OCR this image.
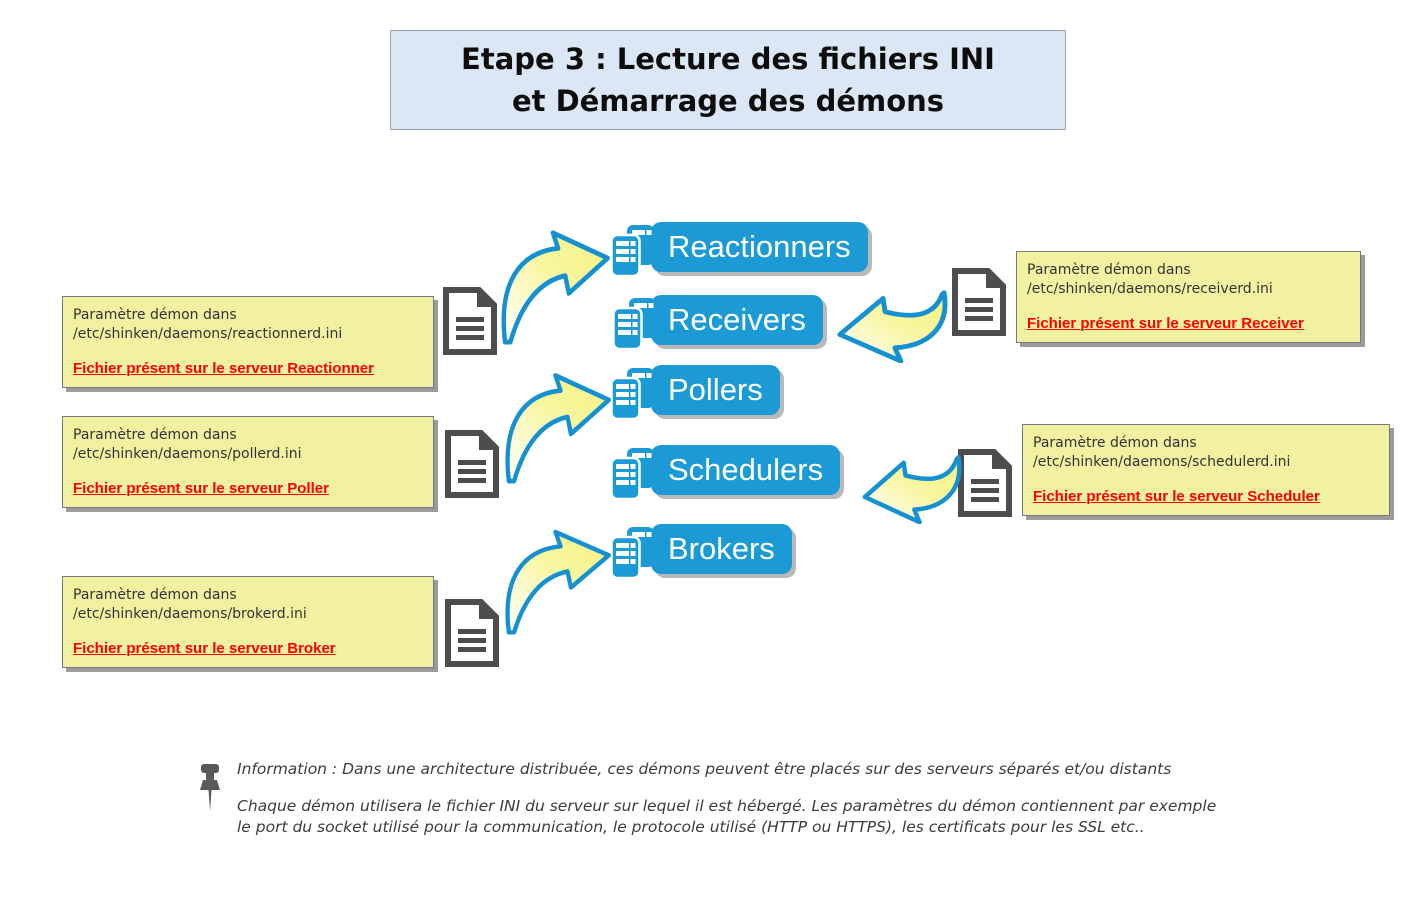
Etape 3 : Lecture des fichiers INI
et Démarrage des démons
Reactionners
Receivers
Pollers
Schedulers
Brokers
Paramètre démon dans
/etc/shinken/daemons/reactionnerd.ini
Fichier présent sur le serveur Reactionner
Paramètre démon dans
/etc/shinken/daemons/pollerd.ini
Fichier présent sur le serveur Poller
Paramètre démon dans
/etc/shinken/daemons/brokerd.ini
Fichier présent sur le serveur Broker
Paramètre démon dans
/etc/shinken/daemons/receiverd.ini
Fichier présent sur le serveur Receiver
Paramètre démon dans
/etc/shinken/daemons/schedulerd.ini
Fichier présent sur le serveur Scheduler
Information : Dans une architecture distribuée, ces démons peuvent être placés sur des serveurs séparés et/ou distants
Chaque démon utilisera le fichier INI du serveur sur lequel il est hébergé. Les paramètres du démon contiennent par exemple
le port du socket utilisé pour la communication, le protocole utilisé (HTTP ou HTTPS), les certificats pour les SSL etc..
